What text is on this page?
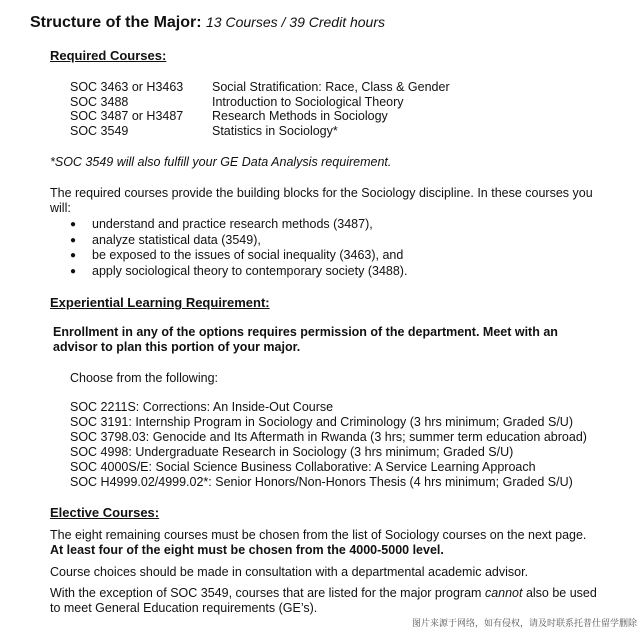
Structure of the Major: 13 Courses / 39 Credit hours
Required Courses:
SOC 3463 or H3463 Social Stratification: Race, Class & Gender
SOC 3488	Introduction to Sociological Theory
SOC 3487 or H3487 Research Methods in Sociology
SOC 3549	Statistics in Sociology*
*SOC 3549 will also fulfill your GE Data Analysis requirement.
The required courses provide the building blocks for the Sociology discipline. In these courses you
will:
● understand and practice research methods (3487),
● analyze statistical data (3549),
● be exposed to the issues of social inequality (3463), and
● apply sociological theory to contemporary society (3488).
Experiential Learning Requirement:
Enrollment in any of the options requires permission of the department. Meet with an
advisor to plan this portion of your major.
Choose from the following:
SOC 2211S: Corrections: An Inside-Out Course
SOC 3191: Internship Program in Sociology and Criminology (3 hrs minimum; Graded S/U)
SOC 3798.03: Genocide and Its Aftermath in Rwanda (3 hrs; summer term education abroad)
SOC 4998: Undergraduate Research in Sociology (3 hrs minimum; Graded S/U)
SOC 4000S/E: Social Science Business Collaborative: A Service Learning Approach
SOC H4999.02/4999.02*: Senior Honors/Non-Honors Thesis (4 hrs minimum; Graded S/U)
Elective Courses:
The eight remaining courses must be chosen from the list of Sociology courses on the next page.
At least four of the eight must be chosen from the 4000-5000 level.
Course choices should be made in consultation with a departmental academic advisor.
With the exception of SOC 3549, courses that are listed for the major program cannot also be used
to meet General Education requirements (GE’s).
图片来源于网络，如有侵权，请及时联系托普仕留学删除
